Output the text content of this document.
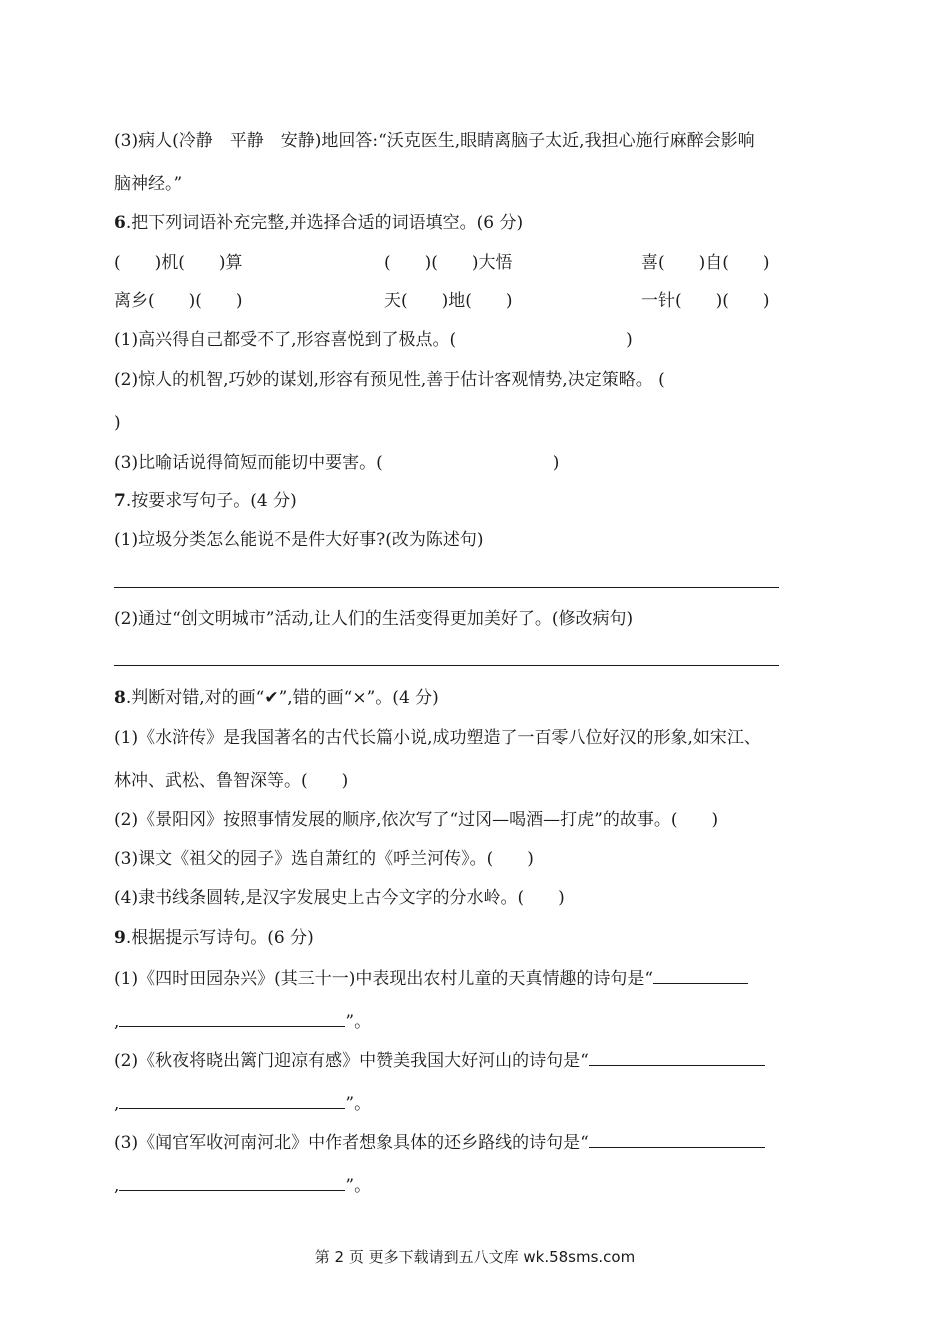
(3)病人(冷静　平静　安静)地回答:“沃克医生,眼睛离脑子太近,我担心施行麻醉会影响
脑神经。”
6.把下列词语补充完整,并选择合适的词语填空。(6 分)
(　　)机(　　)算	(　　)(　　)大悟	喜(　　)自(　　)
离乡(　　)(　　)	天(　　)地(　　)	一针(　　)(　　)
(1)高兴得自己都受不了,形容喜悦到了极点。(　　　　　　　　　　)
(2)惊人的机智,巧妙的谋划,形容有预见性,善于估计客观情势,决定策略。 (
)
(3)比喻话说得简短而能切中要害。(　　　　　　　　　　)
7.按要求写句子。(4 分)
(1)垃圾分类怎么能说不是件大好事?(改为陈述句)
(2)通过“创文明城市”活动,让人们的生活变得更加美好了。(修改病句)
8.判断对错,对的画“✔”,错的画“×”。(4 分)
(1)《水浒传》是我国著名的古代长篇小说,成功塑造了一百零八位好汉的形象,如宋江、
林冲、武松、鲁智深等。(　　)
(2)《景阳冈》按照事情发展的顺序,依次写了“过冈—喝酒—打虎”的故事。(　　)
(3)课文《祖父的园子》选自萧红的《呼兰河传》。(　　)
(4)隶书线条圆转,是汉字发展史上古今文字的分水岭。(　　)
9.根据提示写诗句。(6 分)
(1)《四时田园杂兴》(其三十一)中表现出农村儿童的天真情趣的诗句是“
,	”。
(2)《秋夜将晓出篱门迎凉有感》中赞美我国大好河山的诗句是“
,	”。
(3)《闻官军收河南河北》中作者想象具体的还乡路线的诗句是“
,	”。
第 2 页 更多下载请到五八文库 wk.58sms.com
